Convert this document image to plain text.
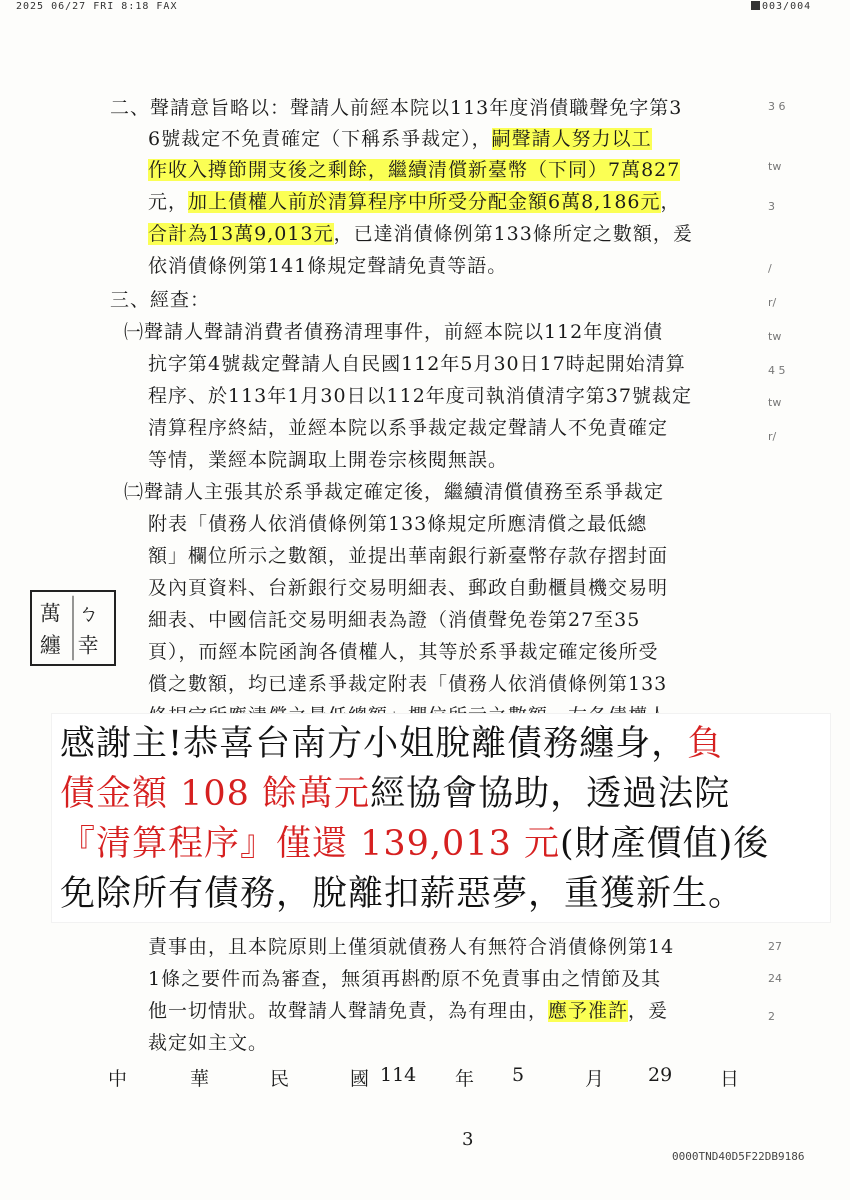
2025 06/27 FRI 8:18 FAX	003/004
二、聲請意旨略以：聲請人前經本院以113年度消債職聲免字第3
6號裁定不免責確定（下稱系爭裁定），嗣聲請人努力以工
作收入撙節開支後之剩餘，繼續清償新臺幣（下同）7萬827
元，加上債權人前於清算程序中所受分配金額6萬8,186元，
合計為13萬9,013元，已達消債條例第133條所定之數額，爰
依消債條例第141條規定聲請免責等語。
三、經查：
㈠聲請人聲請消費者債務清理事件，前經本院以112年度消債
抗字第4號裁定聲請人自民國112年5月30日17時起開始清算
程序、於113年1月30日以112年度司執消債清字第37號裁定
清算程序終結，並經本院以系爭裁定裁定聲請人不免責確定
等情，業經本院調取上開卷宗核閱無誤。
㈡聲請人主張其於系爭裁定確定後，繼續清償債務至系爭裁定
附表「債務人依消債條例第133條規定所應清償之最低總
額」欄位所示之數額，並提出華南銀行新臺幣存款存摺封面
及內頁資料、台新銀行交易明細表、郵政自動櫃員機交易明
細表、中國信託交易明細表為證（消債聲免卷第27至35
頁），而經本院函詢各債權人，其等於系爭裁定確定後所受
償之數額，均已達系爭裁定附表「債務人依消債條例第133
責事由，且本院原則上僅須就債務人有無符合消債條例第14
1條之要件而為審查，無須再斟酌原不免責事由之情節及其
他一切情狀。故聲請人聲請免責，為有理由，應予准許，爰
裁定如主文。
中	華	民	國 114 年 5	月 29	日
3 6
tw
3
/
r/
tw
4 5
tw
r/
27
24
2
萬 ㄅ
纏 幸
感謝主!恭喜台南方小姐脫離債務纏身，負
債金額 108 餘萬元經協會協助，透過法院
『清算程序』僅還 139,013 元(財產價值)後
免除所有債務，脫離扣薪惡夢，重獲新生。
3
0000TND40D5F22DB9186
